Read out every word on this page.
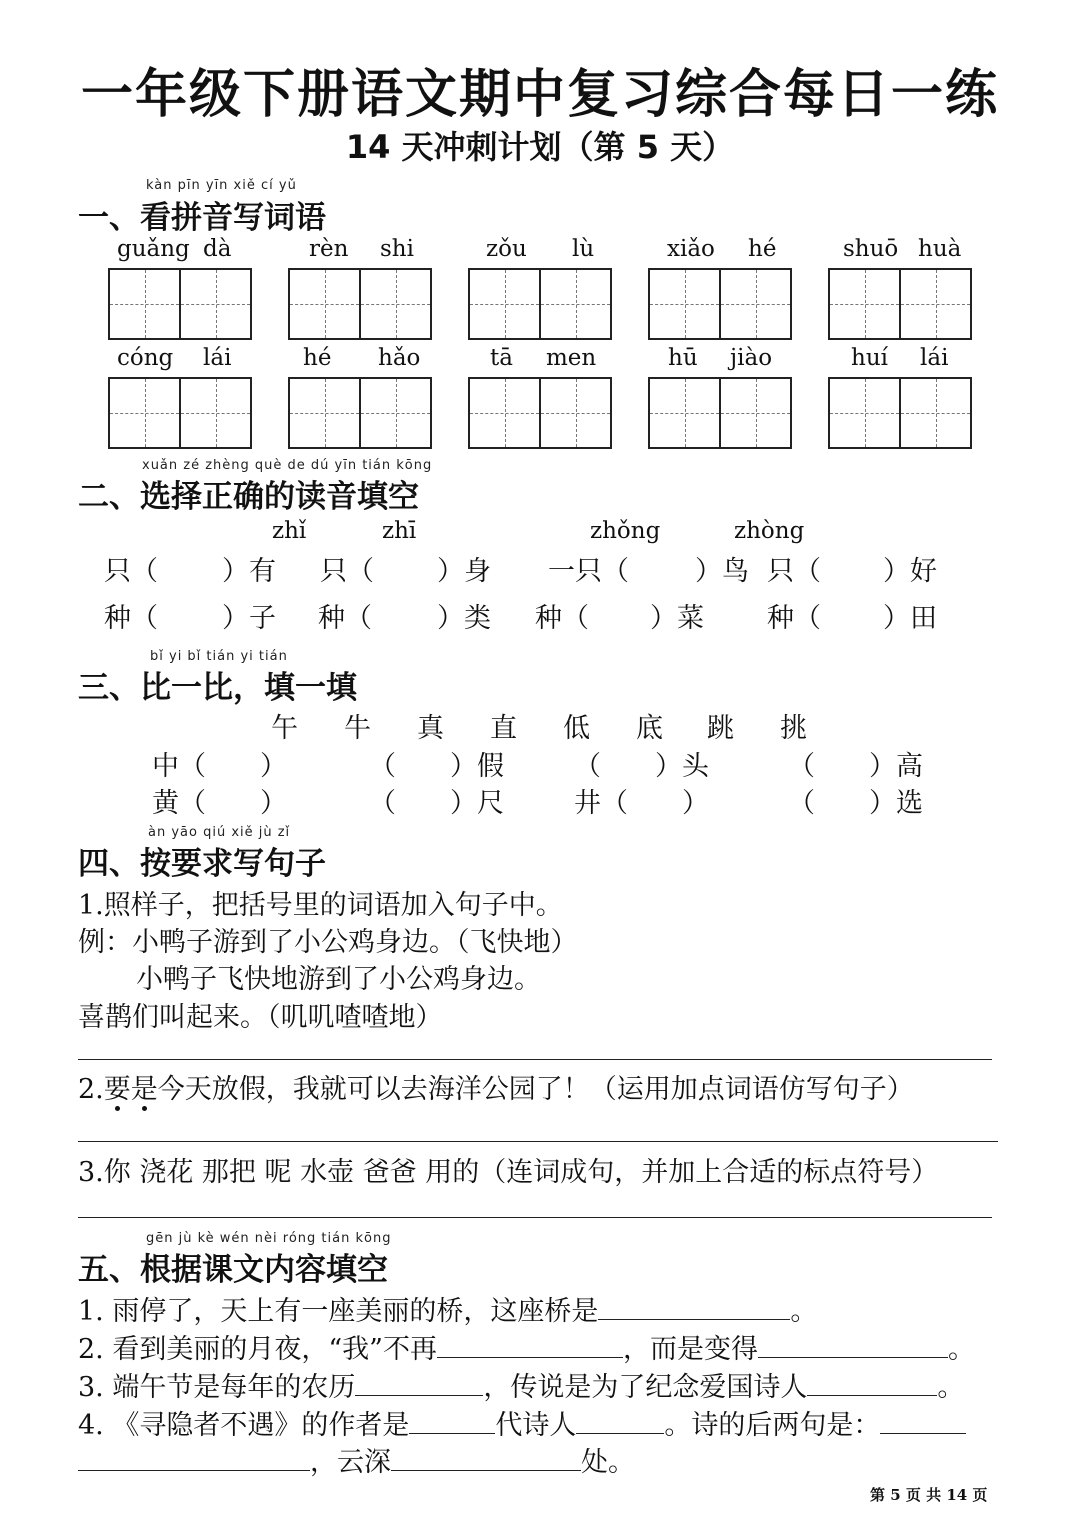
一年级下册语文期中复习综合每日一练
14 天冲刺计划（第 5 天）
kàn pīn yīn xiě cí yǔ
一、看拼音写词语
guǎng dà	rèn shi	zǒu lù	xiǎo hé	shuō huà
cóng lái	hé hǎo	tā men	hū jiào	huí lái
xuǎn zé zhèng què de dú yīn tián kōng
二、选择正确的读音填空
zhǐ	zhī	zhǒng	zhòng
只（ ）有 只（ ）身 一只（ ）鸟 只（ ）好
种（ ）子 种（ ）类 种（ ）菜 种（ ）田
bǐ yi bǐ tián yi tián
三、比一比，填一填
午 牛 真 直 低 底 跳 挑
中（　　）	（　　）假	（　　）头	（　　）高
黄（　　）	（　　）尺	井（　　）	（　　）选
àn yāo qiú xiě jù zǐ
四、按要求写句子
1.照样子，把括号里的词语加入句子中。
例：小鸭子游到了小公鸡身边。（飞快地）
小鸭子飞快地游到了小公鸡身边。
喜鹊们叫起来。（叽叽喳喳地）
2.要是今天放假，我就可以去海洋公园了！（运用加点词语仿写句子）
3.你 浇花 那把 呢 水壶 爸爸 用的（连词成句，并加上合适的标点符号）
gēn jù kè wén nèi róng tián kōng
五、根据课文内容填空
1. 雨停了，天上有一座美丽的桥，这座桥是	。
2. 看到美丽的月夜，“我”不再	，而是变得	。
3. 端午节是每年的农历	，传说是为了纪念爱国诗人	。
4. 《寻隐者不遇》的作者是	代诗人	。诗的后两句是：
，云深	处。
第 5 页 共 14 页
